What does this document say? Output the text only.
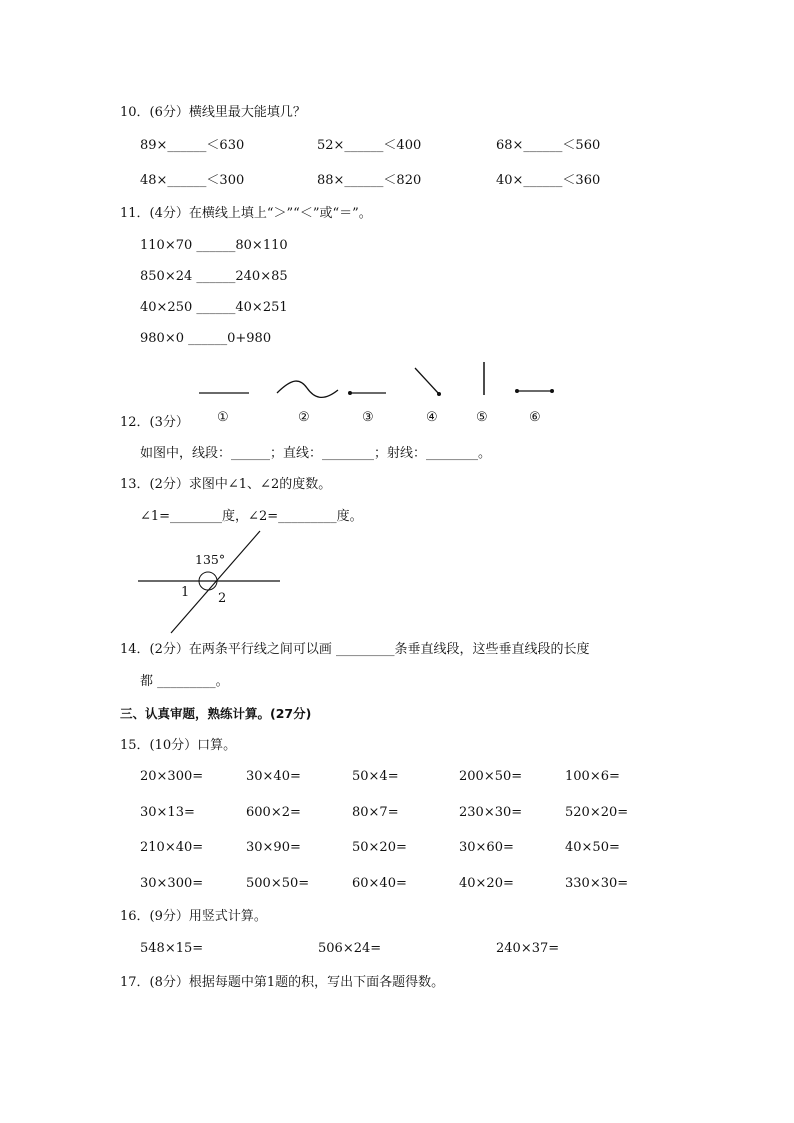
10．(6分）横线里最大能填几？
89×______＜630	52×______＜400	68×______＜560
48×______＜300	88×______＜820	40×______＜360
11．(4分）在横线上填上“＞”“＜”或“＝”。
110×70 ______80×110
850×24 ______240×85
40×250 ______40×251
980×0 ______0+980
①	②	③	④	⑤	⑥
12．(3分）
如图中，线段：______；直线：________；射线：________。
13．(2分）求图中∠1、∠2的度数。
∠1=________度，∠2=_________度。
135°
1 2
14．(2分）在两条平行线之间可以画 _________条垂直线段，这些垂直线段的长度
都 _________。
三、认真审题，熟练计算。(27分)
15．(10分）口算。
20×300=	30×40=	50×4=	200×50=	100×6=
30×13=	600×2=	80×7=	230×30=	520×20=
210×40=	30×90=	50×20=	30×60=	40×50=
30×300=	500×50=	60×40=	40×20=	330×30=
16．(9分）用竖式计算。
548×15=	506×24=	240×37=
17．(8分）根据每题中第1题的积，写出下面各题得数。
